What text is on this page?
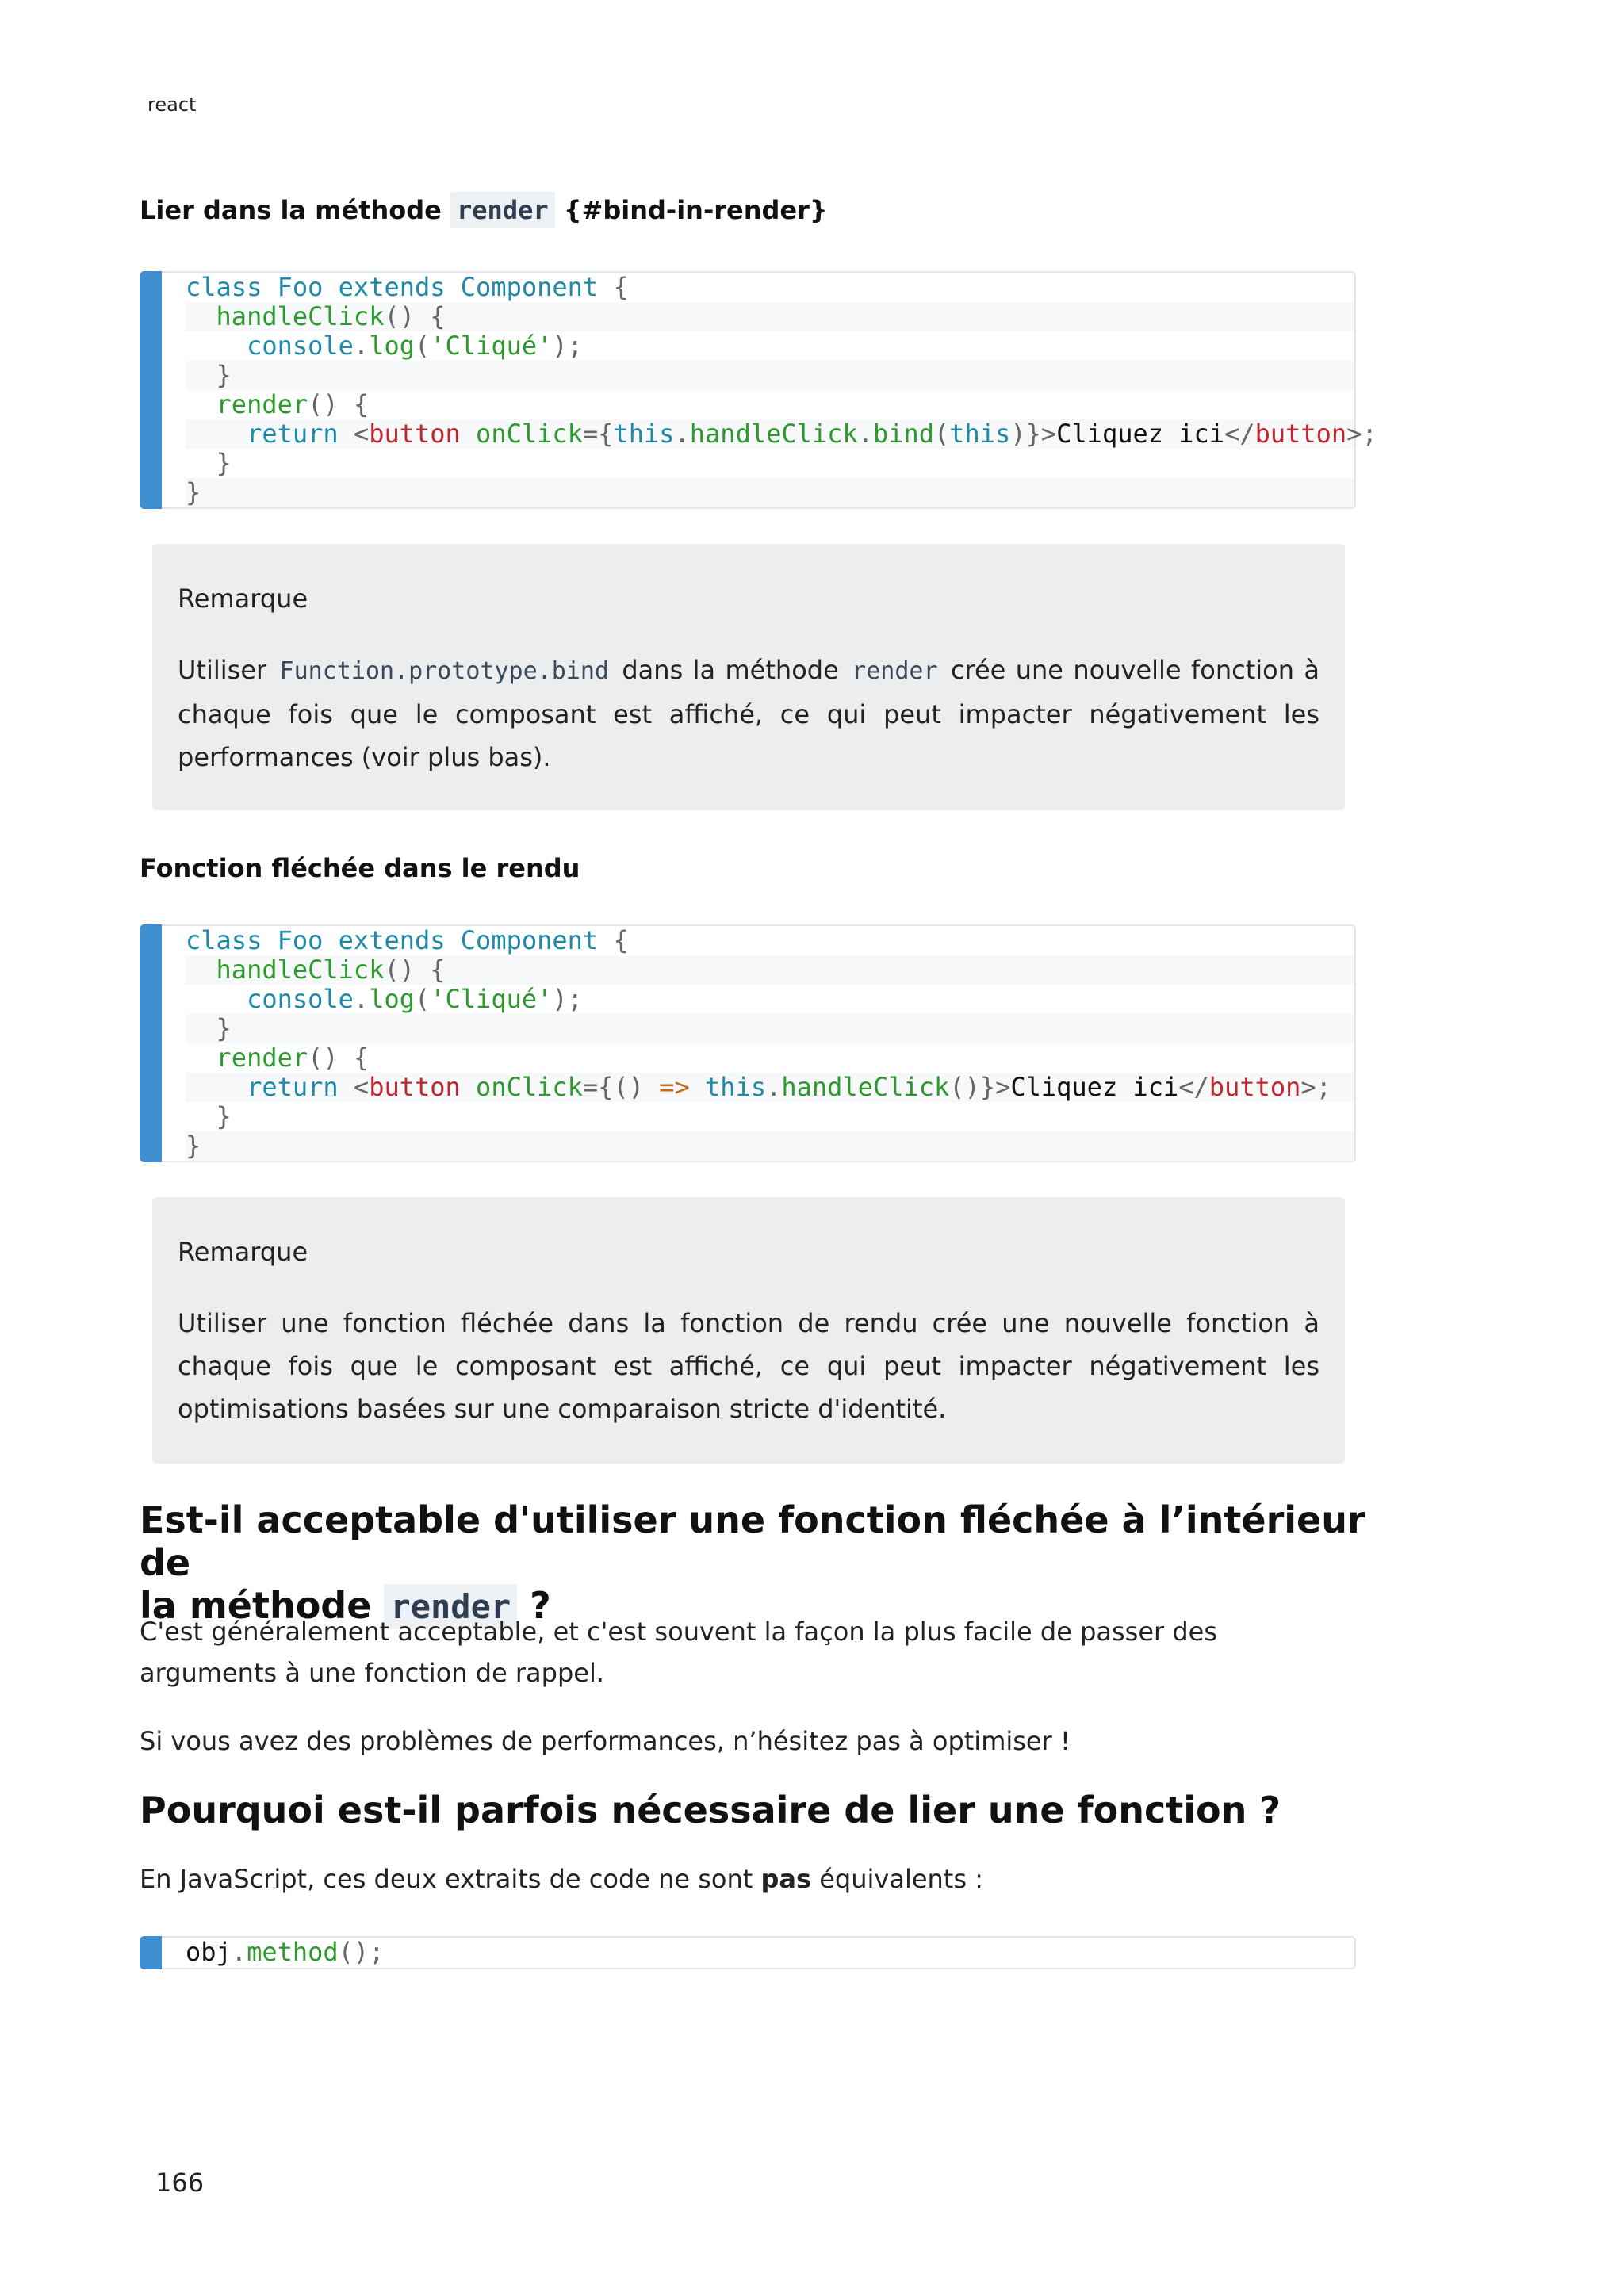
react
Lier dans la méthode render {#bind-in-render}
class Foo extends Component {
handleClick() {
console.log('Cliqué');
}
render() {
return <button onClick={this.handleClick.bind(this)}>Cliquez ici</button>;
}
}
Remarque
Utiliser Function.prototype.bind dans la méthode render crée une nouvelle fonction à chaque fois que le composant est affiché, ce qui peut impacter négativement les performances (voir plus bas).
Fonction fléchée dans le rendu
class Foo extends Component {
handleClick() {
console.log('Cliqué');
}
render() {
return <button onClick={() => this.handleClick()}>Cliquez ici</button>;
}
}
Remarque
Utiliser une fonction fléchée dans la fonction de rendu crée une nouvelle fonction à chaque fois que le composant est affiché, ce qui peut impacter négativement les optimisations basées sur une comparaison stricte d'identité.
Est-il acceptable d'utiliser une fonction fléchée à l’intérieur de
la méthode render ?
C'est généralement acceptable, et c'est souvent la façon la plus facile de passer des arguments à une fonction de rappel.
Si vous avez des problèmes de performances, n’hésitez pas à optimiser !
Pourquoi est-il parfois nécessaire de lier une fonction ?
En JavaScript, ces deux extraits de code ne sont pas équivalents :
obj.method();
166
